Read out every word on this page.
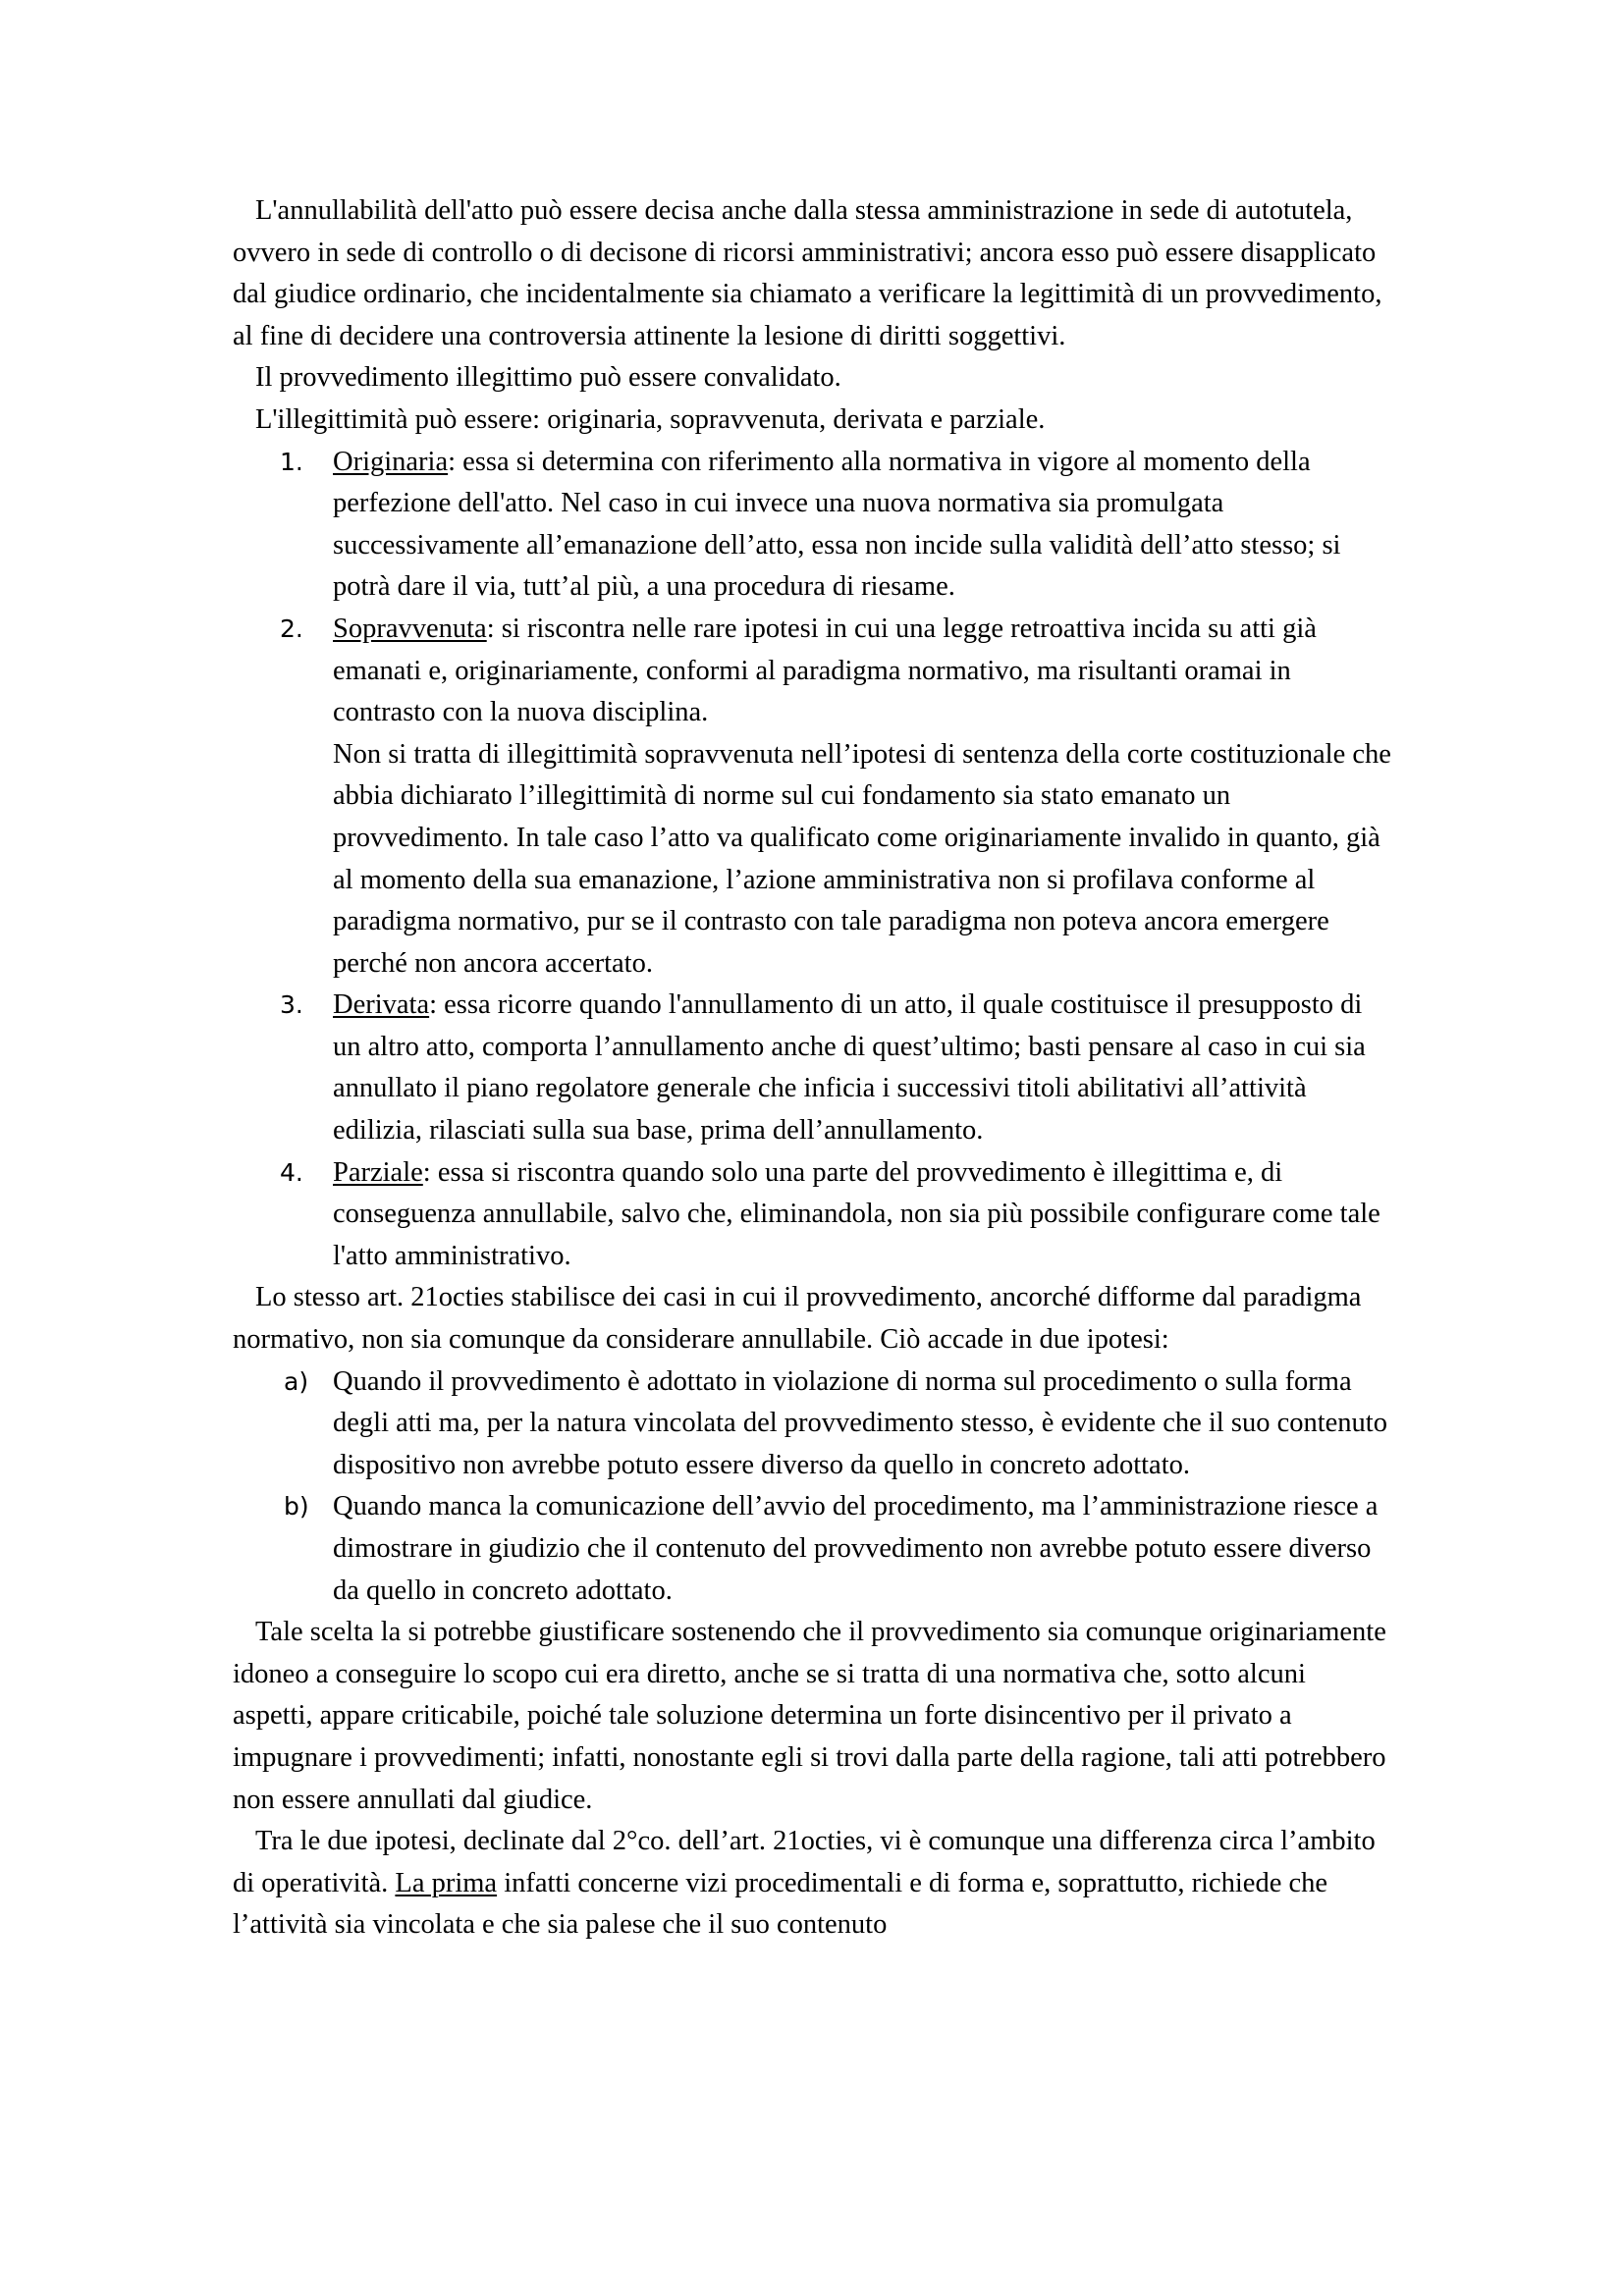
L'annullabilità dell'atto può essere decisa anche dalla stessa amministrazione in sede di autotutela, ovvero in sede di controllo o di decisone di ricorsi amministrativi; ancora esso può essere disapplicato dal giudice ordinario, che incidentalmente sia chiamato a verificare la legittimità di un provvedimento, al fine di decidere una controversia attinente la lesione di diritti soggettivi.

Il provvedimento illegittimo può essere convalidato.

L'illegittimità può essere: originaria, sopravvenuta, derivata e parziale.

1. Originaria: essa si determina con riferimento alla normativa in vigore al momento della perfezione dell'atto. Nel caso in cui invece una nuova normativa sia promulgata successivamente all’emanazione dell’atto, essa non incide sulla validità dell’atto stesso; si potrà dare il via, tutt’al più, a una procedura di riesame.
2. Sopravvenuta: si riscontra nelle rare ipotesi in cui una legge retroattiva incida su atti già emanati e, originariamente, conformi al paradigma normativo, ma risultanti oramai in contrasto con la nuova disciplina.
Non si tratta di illegittimità sopravvenuta nell’ipotesi di sentenza della corte costituzionale che abbia dichiarato l’illegittimità di norme sul cui fondamento sia stato emanato un provvedimento. In tale caso l’atto va qualificato come originariamente invalido in quanto, già al momento della sua emanazione, l’azione amministrativa non si profilava conforme al paradigma normativo, pur se il contrasto con tale paradigma non poteva ancora emergere perché non ancora accertato.
3. Derivata: essa ricorre quando l'annullamento di un atto, il quale costituisce il presupposto di un altro atto, comporta l’annullamento anche di quest’ultimo; basti pensare al caso in cui sia annullato il piano regolatore generale che inficia i successivi titoli abilitativi all’attività edilizia, rilasciati sulla sua base, prima dell’annullamento.
4. Parziale: essa si riscontra quando solo una parte del provvedimento è illegittima e, di conseguenza annullabile, salvo che, eliminandola, non sia più possibile configurare come tale l'atto amministrativo.

Lo stesso art. 21octies stabilisce dei casi in cui il provvedimento, ancorché difforme dal paradigma normativo, non sia comunque da considerare annullabile. Ciò accade in due ipotesi:

a) Quando il provvedimento è adottato in violazione di norma sul procedimento o sulla forma degli atti ma, per la natura vincolata del provvedimento stesso, è evidente che il suo contenuto dispositivo non avrebbe potuto essere diverso da quello in concreto adottato.
b) Quando manca la comunicazione dell’avvio del procedimento, ma l’amministrazione riesce a dimostrare in giudizio che il contenuto del provvedimento non avrebbe potuto essere diverso da quello in concreto adottato.

Tale scelta la si potrebbe giustificare sostenendo che il provvedimento sia comunque originariamente idoneo a conseguire lo scopo cui era diretto, anche se si tratta di una normativa che, sotto alcuni aspetti, appare criticabile, poiché tale soluzione determina un forte disincentivo per il privato a impugnare i provvedimenti; infatti, nonostante egli si trovi dalla parte della ragione, tali atti potrebbero non essere annullati dal giudice.

Tra le due ipotesi, declinate dal 2°co. dell’art. 21octies, vi è comunque una differenza circa l’ambito di operatività. La prima infatti concerne vizi procedimentali e di forma e, soprattutto, richiede che l’attività sia vincolata e che sia palese che il suo contenuto
